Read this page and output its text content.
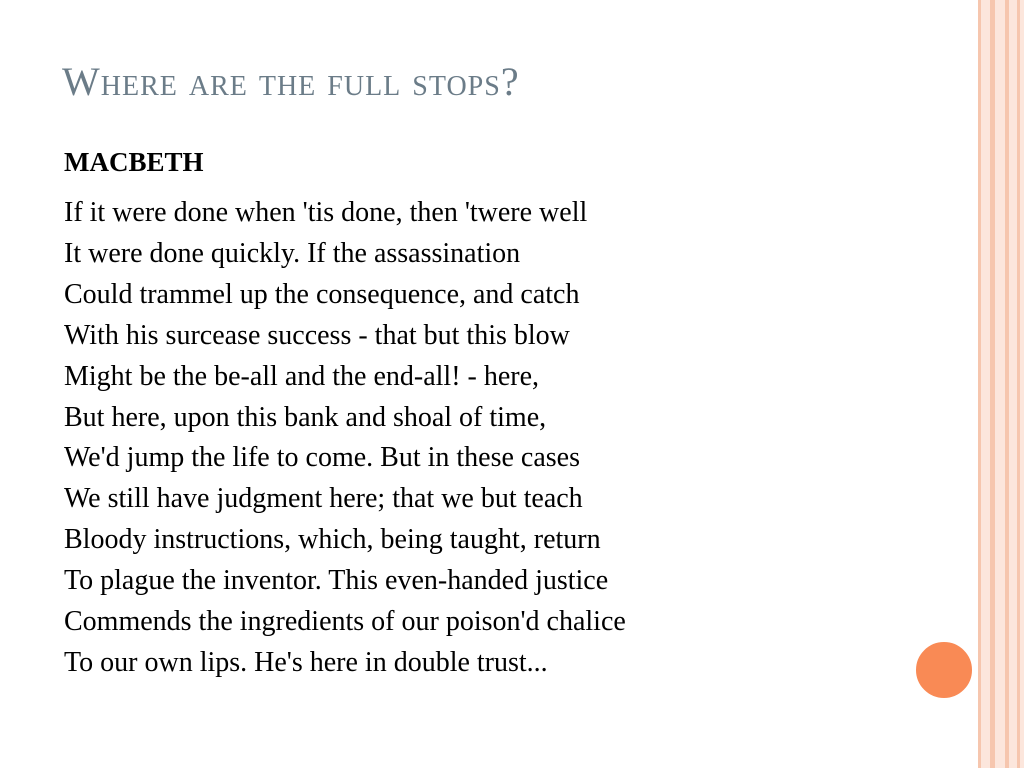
Where are the full stops?

MACBETH

If it were done when 'tis done, then 'twere well
It were done quickly. If the assassination
Could trammel up the consequence, and catch
With his surcease success - that but this blow
Might be the be-all and the end-all! - here,
But here, upon this bank and shoal of time,
We'd jump the life to come. But in these cases
We still have judgment here; that we but teach
Bloody instructions, which, being taught, return
To plague the inventor. This even-handed justice
Commends the ingredients of our poison'd chalice
To our own lips. He's here in double trust...
